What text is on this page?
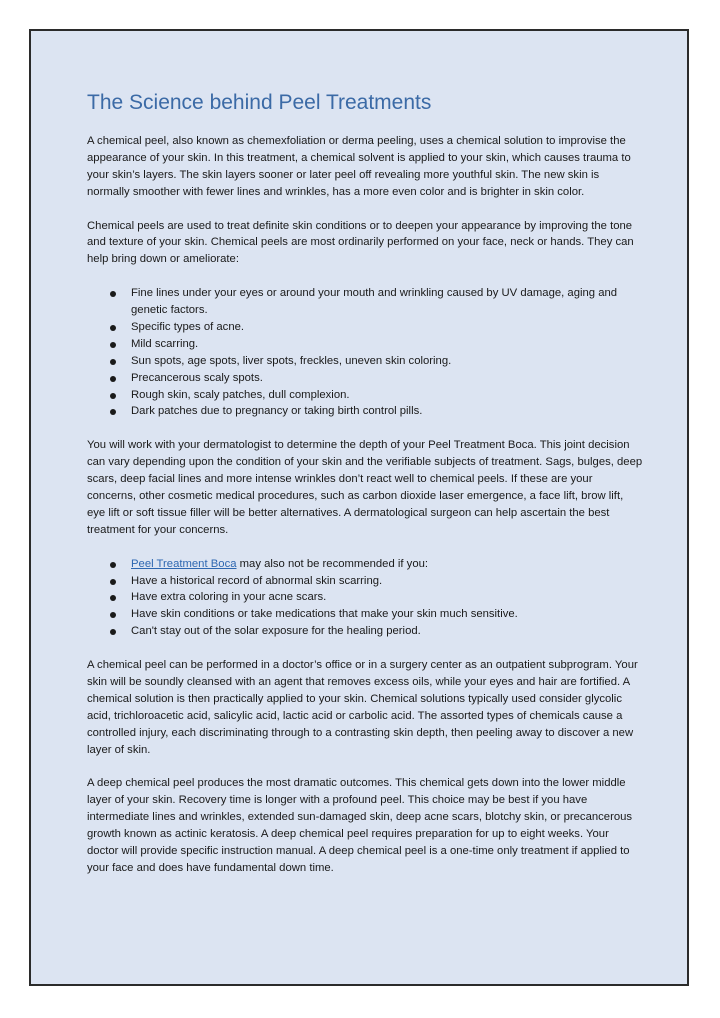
The Science behind Peel Treatments

A chemical peel, also known as chemexfoliation or derma peeling, uses a chemical solution to improvise the appearance of your skin. In this treatment, a chemical solvent is applied to your skin, which causes trauma to your skin’s layers. The skin layers sooner or later peel off revealing more youthful skin. The new skin is normally smoother with fewer lines and wrinkles, has a more even color and is brighter in skin color.

Chemical peels are used to treat definite skin conditions or to deepen your appearance by improving the tone and texture of your skin. Chemical peels are most ordinarily performed on your face, neck or hands. They can help bring down or ameliorate:

Fine lines under your eyes or around your mouth and wrinkling caused by UV damage, aging and genetic factors.
Specific types of acne.
Mild scarring.
Sun spots, age spots, liver spots, freckles, uneven skin coloring.
Precancerous scaly spots.
Rough skin, scaly patches, dull complexion.
Dark patches due to pregnancy or taking birth control pills.

You will work with your dermatologist to determine the depth of your Peel Treatment Boca. This joint decision can vary depending upon the condition of your skin and the verifiable subjects of treatment. Sags, bulges, deep scars, deep facial lines and more intense wrinkles don’t react well to chemical peels. If these are your concerns, other cosmetic medical procedures, such as carbon dioxide laser emergence, a face lift, brow lift, eye lift or soft tissue filler will be better alternatives. A dermatological surgeon can help ascertain the best treatment for your concerns.

Peel Treatment Boca may also not be recommended if you:
Have a historical record of abnormal skin scarring.
Have extra coloring in your acne scars.
Have skin conditions or take medications that make your skin much sensitive.
Can't stay out of the solar exposure for the healing period.

A chemical peel can be performed in a doctor’s office or in a surgery center as an outpatient subprogram. Your skin will be soundly cleansed with an agent that removes excess oils, while your eyes and hair are fortified. A chemical solution is then practically applied to your skin. Chemical solutions typically used consider glycolic acid, trichloroacetic acid, salicylic acid, lactic acid or carbolic acid. The assorted types of chemicals cause a controlled injury, each discriminating through to a contrasting skin depth, then peeling away to discover a new layer of skin.

A deep chemical peel produces the most dramatic outcomes. This chemical gets down into the lower middle layer of your skin. Recovery time is longer with a profound peel. This choice may be best if you have intermediate lines and wrinkles, extended sun-damaged skin, deep acne scars, blotchy skin, or precancerous growth known as actinic keratosis. A deep chemical peel requires preparation for up to eight weeks. Your doctor will provide specific instruction manual. A deep chemical peel is a one-time only treatment if applied to your face and does have fundamental down time.
